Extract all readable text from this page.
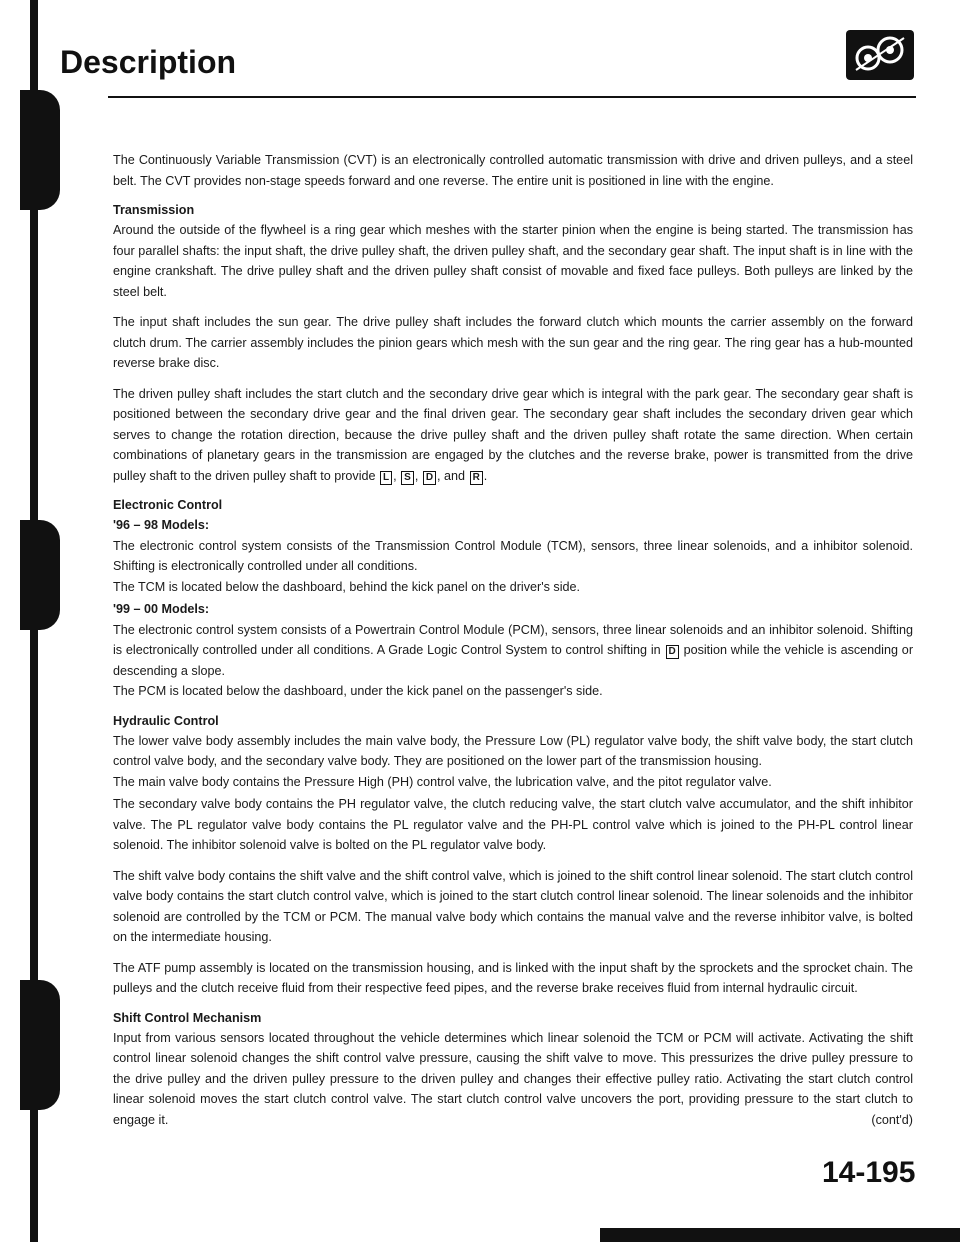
Description

The Continuously Variable Transmission (CVT) is an electronically controlled automatic transmission with drive and driven pulleys, and a steel belt. The CVT provides non-stage speeds forward and one reverse. The entire unit is positioned in line with the engine.

Transmission

Around the outside of the flywheel is a ring gear which meshes with the starter pinion when the engine is being started. The transmission has four parallel shafts: the input shaft, the drive pulley shaft, the driven pulley shaft, and the secondary gear shaft. The input shaft is in line with the engine crankshaft. The drive pulley shaft and the driven pulley shaft consist of movable and fixed face pulleys. Both pulleys are linked by the steel belt.

The input shaft includes the sun gear. The drive pulley shaft includes the forward clutch which mounts the carrier assembly on the forward clutch drum. The carrier assembly includes the pinion gears which mesh with the sun gear and the ring gear. The ring gear has a hub-mounted reverse brake disc.

The driven pulley shaft includes the start clutch and the secondary drive gear which is integral with the park gear. The secondary gear shaft is positioned between the secondary drive gear and the final driven gear. The secondary gear shaft includes the secondary driven gear which serves to change the rotation direction, because the drive pulley shaft and the driven pulley shaft rotate the same direction. When certain combinations of planetary gears in the transmission are engaged by the clutches and the reverse brake, power is transmitted from the drive pulley shaft to the driven pulley shaft to provide L , S , D , and R .

Electronic Control
'96 – 98 Models:

The electronic control system consists of the Transmission Control Module (TCM), sensors, three linear solenoids, and a inhibitor solenoid. Shifting is electronically controlled under all conditions.

The TCM is located below the dashboard, behind the kick panel on the driver's side.

'99 – 00 Models:

The electronic control system consists of a Powertrain Control Module (PCM), sensors, three linear solenoids and an inhibitor solenoid. Shifting is electronically controlled under all conditions. A Grade Logic Control System to control shifting in D position while the vehicle is ascending or descending a slope.

The PCM is located below the dashboard, under the kick panel on the passenger's side.

Hydraulic Control

The lower valve body assembly includes the main valve body, the Pressure Low (PL) regulator valve body, the shift valve body, the start clutch control valve body, and the secondary valve body. They are positioned on the lower part of the transmission housing.

The main valve body contains the Pressure High (PH) control valve, the lubrication valve, and the pitot regulator valve.

The secondary valve body contains the PH regulator valve, the clutch reducing valve, the start clutch valve accumulator, and the shift inhibitor valve. The PL regulator valve body contains the PL regulator valve and the PH-PL control valve which is joined to the PH-PL control linear solenoid. The inhibitor solenoid valve is bolted on the PL regulator valve body.

The shift valve body contains the shift valve and the shift control valve, which is joined to the shift control linear solenoid. The start clutch control valve body contains the start clutch control valve, which is joined to the start clutch control linear solenoid. The linear solenoids and the inhibitor solenoid are controlled by the TCM or PCM. The manual valve body which contains the manual valve and the reverse inhibitor valve, is bolted on the intermediate housing.

The ATF pump assembly is located on the transmission housing, and is linked with the input shaft by the sprockets and the sprocket chain. The pulleys and the clutch receive fluid from their respective feed pipes, and the reverse brake receives fluid from internal hydraulic circuit.

Shift Control Mechanism

Input from various sensors located throughout the vehicle determines which linear solenoid the TCM or PCM will activate. Activating the shift control linear solenoid changes the shift control valve pressure, causing the shift valve to move. This pressurizes the drive pulley pressure to the drive pulley and the driven pulley pressure to the driven pulley and changes their effective pulley ratio. Activating the start clutch control linear solenoid moves the start clutch control valve. The start clutch control valve uncovers the port, providing pressure to the start clutch to engage it.	(cont'd)

14-195
